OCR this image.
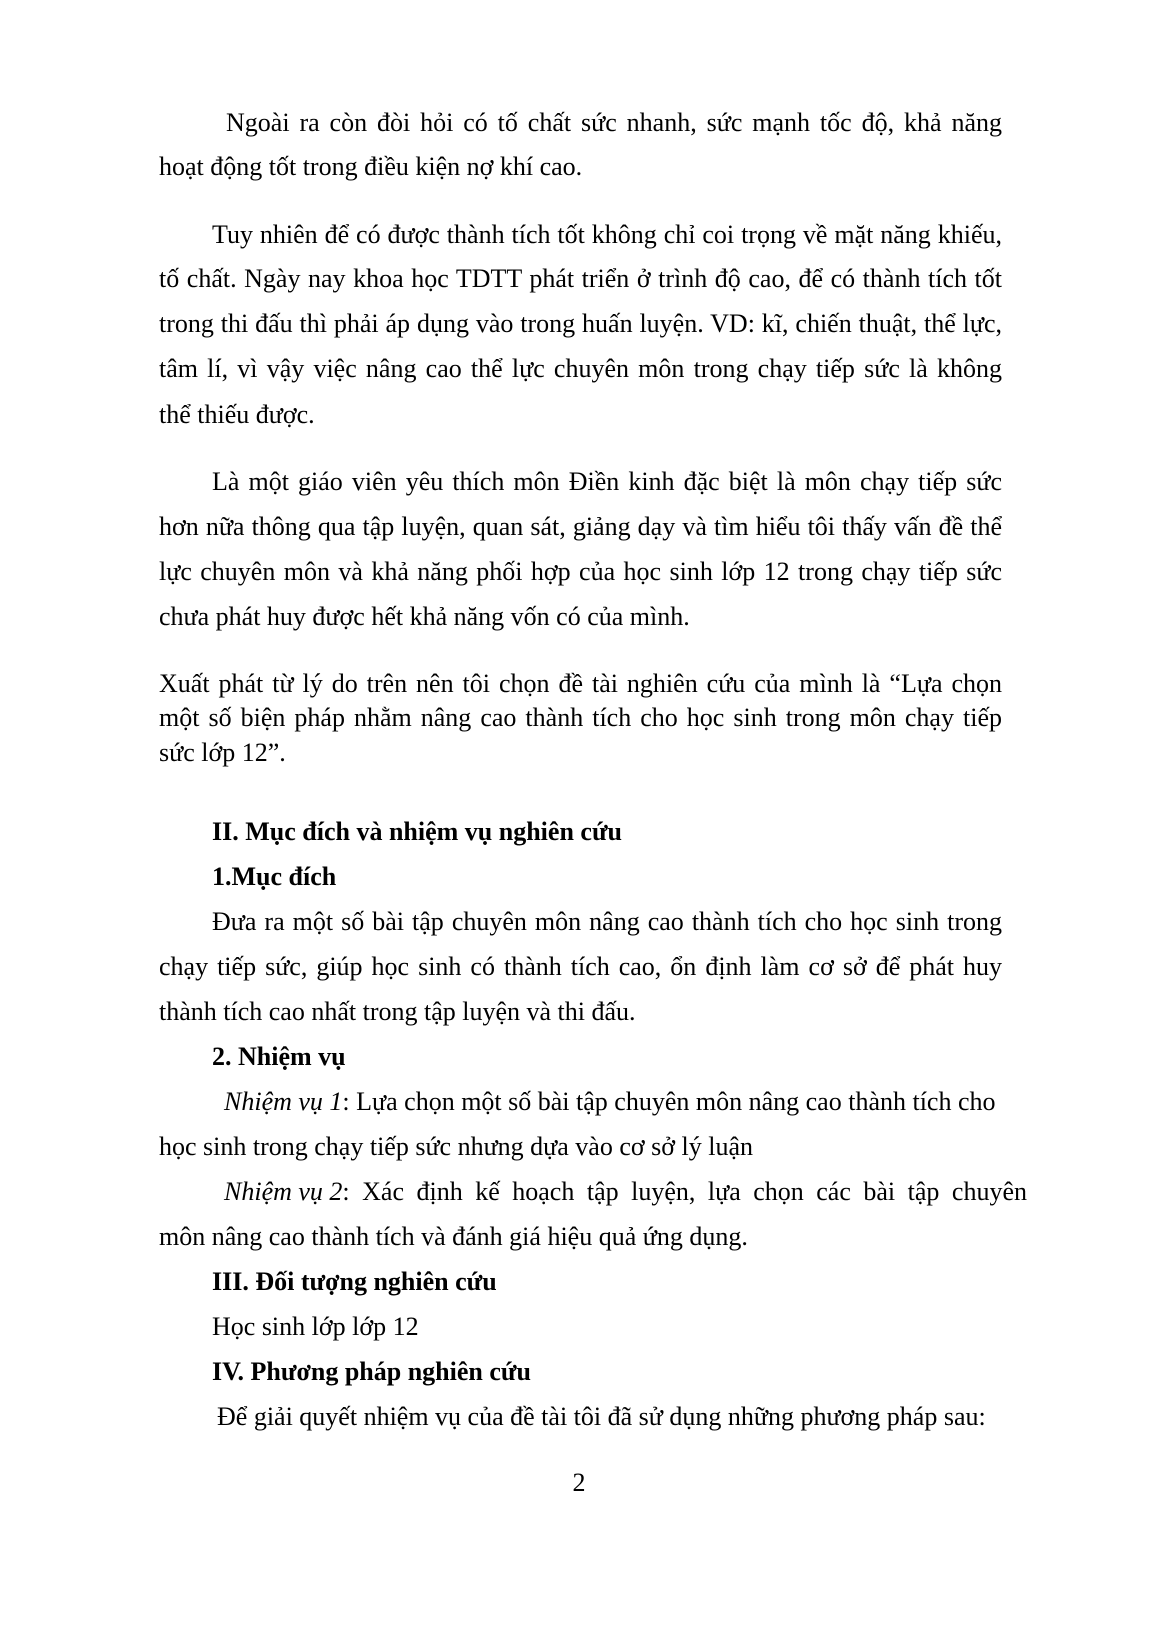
Ngoài ra còn đòi hỏi có tố chất sức nhanh, sức mạnh tốc độ, khả năng
hoạt động tốt trong điều kiện nợ khí cao.
Tuy nhiên để có được thành tích tốt không chỉ coi trọng về mặt năng khiếu,
tố chất. Ngày nay khoa học TDTT phát triển ở trình độ cao, để có thành tích tốt
trong thi đấu thì phải áp dụng vào trong huấn luyện. VD: kĩ, chiến thuật, thể lực,
tâm lí, vì vậy việc nâng cao thể lực chuyên môn trong chạy tiếp sức là không
thể thiếu được.
Là một giáo viên yêu thích môn Điền kinh đặc biệt là môn chạy tiếp sức
hơn nữa thông qua tập luyện, quan sát, giảng dạy và tìm hiểu tôi thấy vấn đề thể
lực chuyên môn và khả năng phối hợp của học sinh lớp 12 trong chạy tiếp sức
chưa phát huy được hết khả năng vốn có của mình.
Xuất phát từ lý do trên nên tôi chọn đề tài nghiên cứu của mình là “Lựa chọn
một số biện pháp nhằm nâng cao thành tích cho học sinh trong môn chạy tiếp
sức lớp 12”.
II. Mục đích và nhiệm vụ nghiên cứu
1.Mục đích
Đưa ra một số bài tập chuyên môn nâng cao thành tích cho học sinh trong
chạy tiếp sức, giúp học sinh có thành tích cao, ổn định làm cơ sở để phát huy
thành tích cao nhất trong tập luyện và thi đấu.
2. Nhiệm vụ
Nhiệm vụ 1: Lựa chọn một số bài tập chuyên môn nâng cao thành tích cho
học sinh trong chạy tiếp sức nhưng dựa vào cơ sở lý luận
Nhiệm vụ 2: Xác định kế hoạch tập luyện, lựa chọn các bài tập chuyên
môn nâng cao thành tích và đánh giá hiệu quả ứng dụng.
III. Đối tượng nghiên cứu
Học sinh lớp lớp 12
IV. Phương pháp nghiên cứu
Để giải quyết nhiệm vụ của đề tài tôi đã sử dụng những phương pháp sau:
2
